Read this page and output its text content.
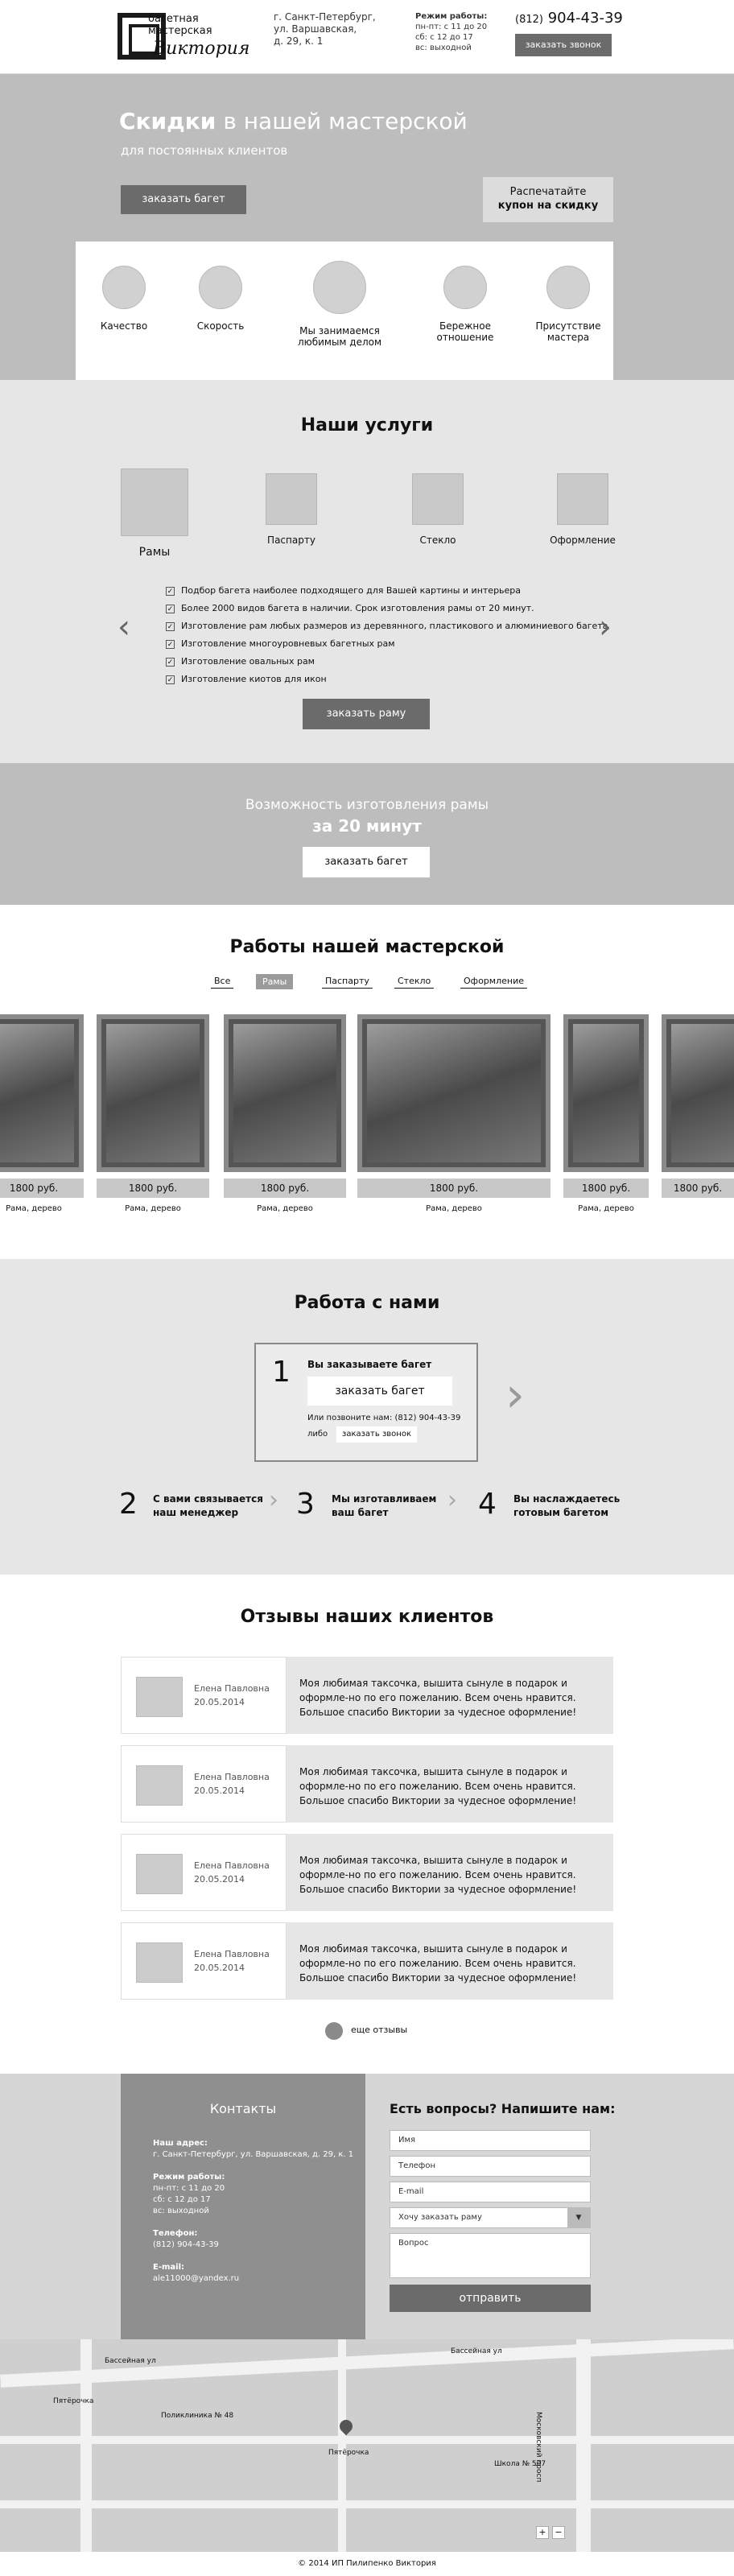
багетная
мастерская
Виктория
г. Санкт-Петербург,
ул. Варшавская,
д. 29, к. 1
Режим работы:
пн-пт: с 11 до 20
сб: с 12 до 17
вс: выходной
(812) 904-43-39
заказать звонок
Скидки в нашей мастерской
для постоянных клиентов
заказать багет
Распечатайте
купон на скидку
Качество	Скорость	Мы занимаемся
любимым делом
Бережное
отношение
Присутствие
мастера
Наши услуги
Рамы
Паспарту	Стекло	Оформление
✓ Подбор багета наиболее подходящего для Вашей картины и интерьера
✓ Более 2000 видов багета в наличии. Срок изготовления рамы от 20 минут.
✓ Изготовление рам любых размеров из деревянного, пластикового и алюминиевого багета
✓ Изготовление многоуровневых багетных рам
✓ Изготовление овальных рам
✓ Изготовление киотов для икон
‹	›
заказать раму
Возможность изготовления рамы
за 20 минут
заказать багет
Работы нашей мастерской
Все	Рамы	Паспарту	Стекло	Оформление
1800 руб.	1800 руб.	1800 руб.	1800 руб.	1800 руб.	1800 руб.
Рама, дерево	Рама, дерево	Рама, дерево	Рама, дерево	Рама, дерево
Работа с нами
1 Вы заказываете багет
заказать багет
Или позвоните нам: (812) 904-43-39
либо	заказать звонок
›
2 С вами связывается
наш менеджер	› 3 Мы изготавливаем
ваш багет	› 4 Вы наслаждаетесь
готовым багетом
Отзывы наших клиентов
Елена Павловна
20.05.2014
Моя любимая таксочка, вышита сынуле в подарок и оформле-но по его пожеланию. Всем очень нравится. Большое спасибо Виктории за чудесное оформление!
Елена Павловна
20.05.2014
Моя любимая таксочка, вышита сынуле в подарок и оформле-но по его пожеланию. Всем очень нравится. Большое спасибо Виктории за чудесное оформление!
Елена Павловна
20.05.2014
Моя любимая таксочка, вышита сынуле в подарок и оформле-но по его пожеланию. Всем очень нравится. Большое спасибо Виктории за чудесное оформление!
Елена Павловна
20.05.2014
Моя любимая таксочка, вышита сынуле в подарок и оформле-но по его пожеланию. Всем очень нравится. Большое спасибо Виктории за чудесное оформление!
еще отзывы
Контакты
Наш адрес:
г. Санкт-Петербург, ул. Варшавская, д. 29, к. 1
Режим работы:
пн-пт: с 11 до 20
сб: с 12 до 17
вс: выходной
Телефон:
(812) 904-43-39
E-mail:
ale11000@yandex.ru
Есть вопросы? Напишите нам:
Имя
Телефон
E-mail
Хочу заказать раму	▼
Вопрос
отправить
Бассейная ул
Бассейная ул
Московский просп
Поликлиника № 48
Пятёрочка
Школа № 507
Пятёрочка
+ −
© 2014 ИП Пилипенко Виктория
